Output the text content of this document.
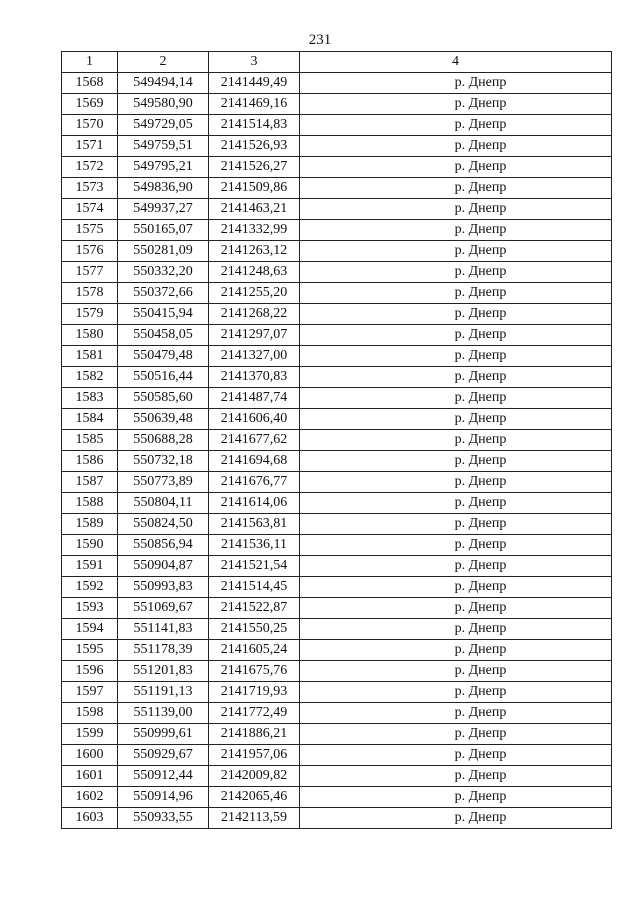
231
1	2	3	4
1568	549494,14	2141449,49	р. Днепр
1569	549580,90	2141469,16	р. Днепр
1570	549729,05	2141514,83	р. Днепр
1571	549759,51	2141526,93	р. Днепр
1572	549795,21	2141526,27	р. Днепр
1573	549836,90	2141509,86	р. Днепр
1574	549937,27	2141463,21	р. Днепр
1575	550165,07	2141332,99	р. Днепр
1576	550281,09	2141263,12	р. Днепр
1577	550332,20	2141248,63	р. Днепр
1578	550372,66	2141255,20	р. Днепр
1579	550415,94	2141268,22	р. Днепр
1580	550458,05	2141297,07	р. Днепр
1581	550479,48	2141327,00	р. Днепр
1582	550516,44	2141370,83	р. Днепр
1583	550585,60	2141487,74	р. Днепр
1584	550639,48	2141606,40	р. Днепр
1585	550688,28	2141677,62	р. Днепр
1586	550732,18	2141694,68	р. Днепр
1587	550773,89	2141676,77	р. Днепр
1588	550804,11	2141614,06	р. Днепр
1589	550824,50	2141563,81	р. Днепр
1590	550856,94	2141536,11	р. Днепр
1591	550904,87	2141521,54	р. Днепр
1592	550993,83	2141514,45	р. Днепр
1593	551069,67	2141522,87	р. Днепр
1594	551141,83	2141550,25	р. Днепр
1595	551178,39	2141605,24	р. Днепр
1596	551201,83	2141675,76	р. Днепр
1597	551191,13	2141719,93	р. Днепр
1598	551139,00	2141772,49	р. Днепр
1599	550999,61	2141886,21	р. Днепр
1600	550929,67	2141957,06	р. Днепр
1601	550912,44	2142009,82	р. Днепр
1602	550914,96	2142065,46	р. Днепр
1603	550933,55	2142113,59	р. Днепр
